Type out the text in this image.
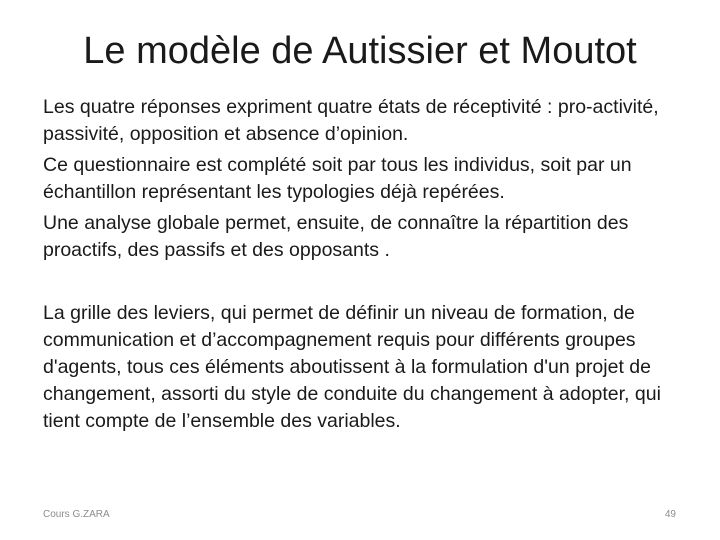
Le modèle de Autissier et Moutot

Les quatre réponses expriment quatre états de réceptivité : pro-activité, passivité, opposition et absence d’opinion.

Ce questionnaire est complété soit par tous les individus, soit par un échantillon représentant les typologies déjà repérées.

Une analyse globale permet, ensuite, de connaître la répartition des proactifs, des passifs et des opposants .

La grille des leviers, qui permet de définir un niveau de formation, de communication et d’accompagnement requis pour différents groupes d'agents, tous ces éléments aboutissent à la formulation d'un projet de changement, assorti du style de conduite du changement à adopter, qui tient compte de l’ensemble des variables.

Cours G.ZARA	49
